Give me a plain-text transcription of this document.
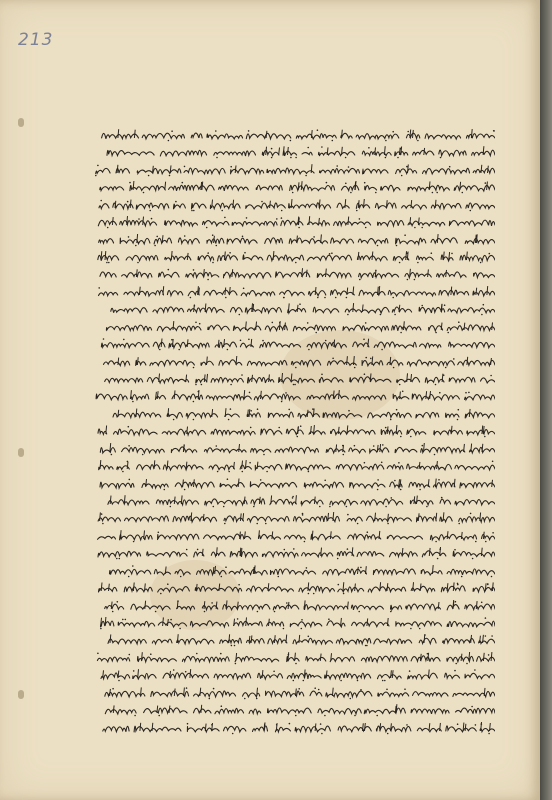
213
